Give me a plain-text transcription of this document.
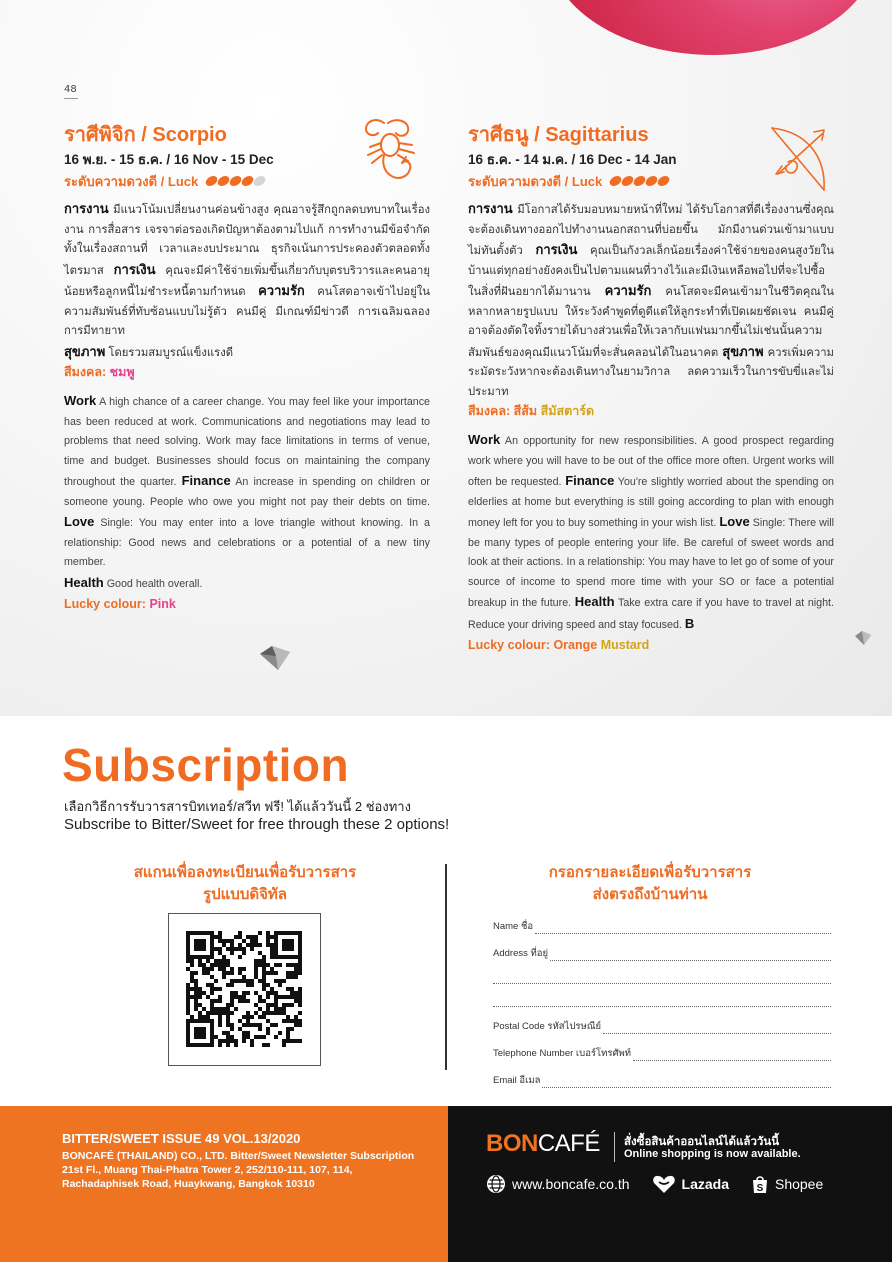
48
ราศีพิจิก / Scorpio
16 พ.ย. - 15 ธ.ค. / 16 Nov - 15 Dec
ระดับความดวงดี / Luck
การงาน มีแนวโน้มเปลี่ยนงานค่อนข้างสูง คุณอาจรู้สึกถูกลดบทบาทในเรื่องงาน การสื่อสาร เจรจาต่อรองเกิดปัญหาต้องตามไปแก้ การทำงานมีข้อจำกัดทั้งในเรื่องสถานที่ เวลาและงบประมาณ ธุรกิจเน้นการประคองตัวตลอดทั้งไตรมาส การเงิน คุณจะมีค่าใช้จ่ายเพิ่มขึ้นเกี่ยวกับบุตรบริวารและคนอายุน้อยหรือลูกหนี้ไม่ชำระหนี้ตามกำหนด ความรัก คนโสดอาจเข้าไปอยู่ในความสัมพันธ์ที่ทับซ้อนแบบไม่รู้ตัว คนมีคู่ มีเกณฑ์มีข่าวดี การเฉลิมฉลอง การมีทายาท
สุขภาพ โดยรวมสมบูรณ์แข็งแรงดี
สีมงคล: ชมพู
Work A high chance of a career change. You may feel like your importance has been reduced at work. Communications and negotiations may lead to problems that need solving. Work may face limitations in terms of venue, time and budget. Businesses should focus on maintaining the company throughout the quarter. Finance An increase in spending on children or someone young. People who owe you might not pay their debts on time. Love Single: You may enter into a love triangle without knowing. In a relationship: Good news and celebrations or a potential of a new tiny member.
Health Good health overall.
Lucky colour: Pink
ราศีธนู / Sagittarius
16 ธ.ค. - 14 ม.ค. / 16 Dec - 14 Jan
ระดับความดวงดี / Luck
การงาน มีโอกาสได้รับมอบหมายหน้าที่ใหม่ ได้รับโอกาสที่ดีเรื่องงานซึ่งคุณจะต้องเดินทางออกไปทำงานนอกสถานที่บ่อยขึ้น มักมีงานด่วนเข้ามาแบบไม่ทันตั้งตัว การเงิน คุณเป็นกังวลเล็กน้อยเรื่องค่าใช้จ่ายของคนสูงวัยในบ้านแต่ทุกอย่างยังคงเป็นไปตามแผนที่วางไว้และมีเงินเหลือพอไปที่จะไปซื้อในสิ่งที่ฝันอยากได้มานาน ความรัก คนโสดจะมีคนเข้ามาในชีวิตคุณในหลากหลายรูปแบบ ให้ระวังคำพูดที่ดูดีแต่ให้ลูกระทำที่เปิดเผยชัดเจน คนมีคู่ อาจต้องตัดใจทิ้งรายได้บางส่วนเพื่อให้เวลากับแฟนมากขึ้นไม่เช่นนั้นความสัมพันธ์ของคุณมีแนวโน้มที่จะสั่นคลอนได้ในอนาคต สุขภาพ ควรเพิ่มความระมัดระวังหากจะต้องเดินทางในยามวิกาล ลดความเร็วในการขับขี่และไม่ประมาท
สีมงคล: สีส้ม สีมัสตาร์ด
Work An opportunity for new responsibilities. A good prospect regarding work where you will have to be out of the office more often. Urgent works will often be requested. Finance You're slightly worried about the spending on elderlies at home but everything is still going according to plan with enough money left for you to buy something in your wish list. Love Single: There will be many types of people entering your life. Be careful of sweet words and look at their actions. In a relationship: You may have to let go of some of your source of income to spend more time with your SO or face a potential breakup in the future. Health Take extra care if you have to travel at night. Reduce your driving speed and stay focused. B
Lucky colour: Orange Mustard
Subscription
เลือกวิธีการรับวารสารบิทเทอร์/สวีท ฟรี! ได้แล้ววันนี้ 2 ช่องทาง
Subscribe to Bitter/Sweet for free through these 2 options!
สแกนเพื่อลงทะเบียนเพื่อรับวารสาร
รูปแบบดิจิทัล
กรอกรายละเอียดเพื่อรับวารสาร
ส่งตรงถึงบ้านท่าน
Name ชื่อ
Address ที่อยู่
Postal Code รหัสไปรษณีย์
Telephone Number เบอร์โทรศัพท์
Email อีเมล
BITTER/SWEET ISSUE 49 VOL.13/2020
BONCAFÉ (THAILAND) CO., LTD. Bitter/Sweet Newsletter Subscription
21st Fl., Muang Thai-Phatra Tower 2, 252/110-111, 107, 114,
Rachadaphisek Road, Huaykwang, Bangkok 10310
BONCAFÉ สั่งซื้อสินค้าออนไลน์ได้แล้ววันนี้
Online shopping is now available.
www.boncafe.co.th	Lazada	S Shopee
